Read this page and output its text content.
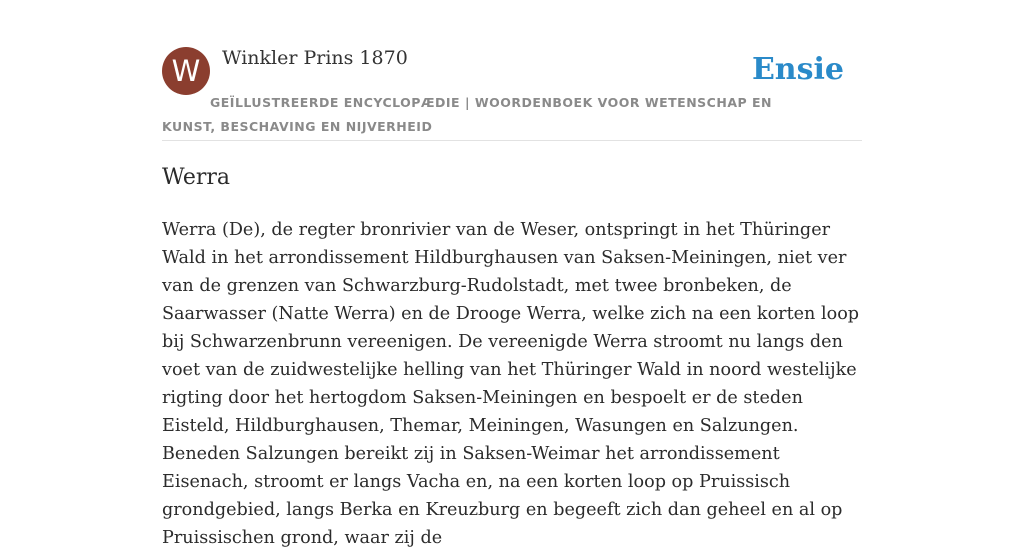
W	Winkler Prins 1870	Ensie

GEÏLLUSTREERDE ENCYCLOPÆDIE | WOORDENBOEK VOOR WETENSCHAP EN KUNST, BESCHAVING EN NIJVERHEID

Werra

Werra (De), de regter bronrivier van de Weser, ontspringt in het Thüringer Wald in het arrondissement Hildburghausen van Saksen-Meiningen, niet ver van de grenzen van Schwarzburg-Rudolstadt, met twee bronbeken, de Saarwasser (Natte Werra) en de Drooge Werra, welke zich na een korten loop bij Schwarzenbrunn vereenigen. De vereenigde Werra stroomt nu langs den voet van de zuidwestelijke helling van het Thüringer Wald in noord westelijke rigting door het hertogdom Saksen-Meiningen en bespoelt er de steden Eisteld, Hildburghausen, Themar, Meiningen, Wasungen en Salzungen. Beneden Salzungen bereikt zij in Saksen-Weimar het arrondissement Eisenach, stroomt er langs Vacha en, na een korten loop op Pruissisch grondgebied, langs Berka en Kreuzburg en begeeft zich dan geheel en al op Pruissischen grond, waar zij de
